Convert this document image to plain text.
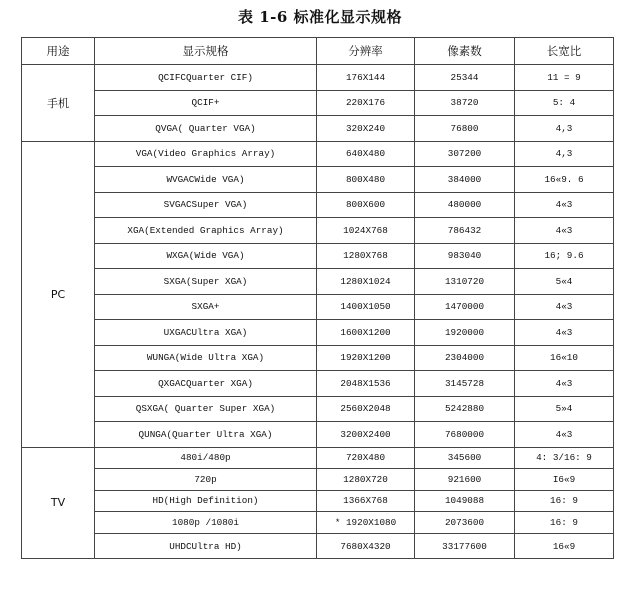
表 1-6 标准化显示规格
用途	显示规格	分辨率	像素数	长宽比
手机	QCIFCQuarter CIF)	176X144	25344	11 = 9
	QCIF+	220X176	38720	5: 4
	QVGA( Quarter VGA)	320X240	76800	4,3
PC	VGA(Video Graphics Array)	640X480	307200	4,3
	WVGACWide VGA)	800X480	384000	16«9. 6
	SVGACSuper VGA)	800X600	480000	4«3
	XGA(Extended Graphics Array)	1024X768	786432	4«3
	WXGA(Wide VGA)	1280X768	983040	16; 9.6
	SXGA(Super XGA)	1280X1024	1310720	5«4
	SXGA+	1400X1050	1470000	4«3
	UXGACUltra XGA)	1600X1200	1920000	4«3
	WUNGA(Wide Ultra XGA)	1920X1200	2304000	16«10
	QXGACQuarter XGA)	2048X1536	3145728	4«3
	QSXGA( Quarter Super XGA)	2560X2048	5242880	5»4
	QUNGA(Quarter Ultra XGA)	3200X2400	7680000	4«3
TV	480i/480p	720X480	345600	4: 3/16: 9
	720p	1280X720	921600	I6«9
	HD(High Definition)	1366X768	1049088	16: 9
	1080p /1080i	* 1920X1080	2073600	16: 9
	UHDCUltra HD)	7680X4320	33177600	16«9
